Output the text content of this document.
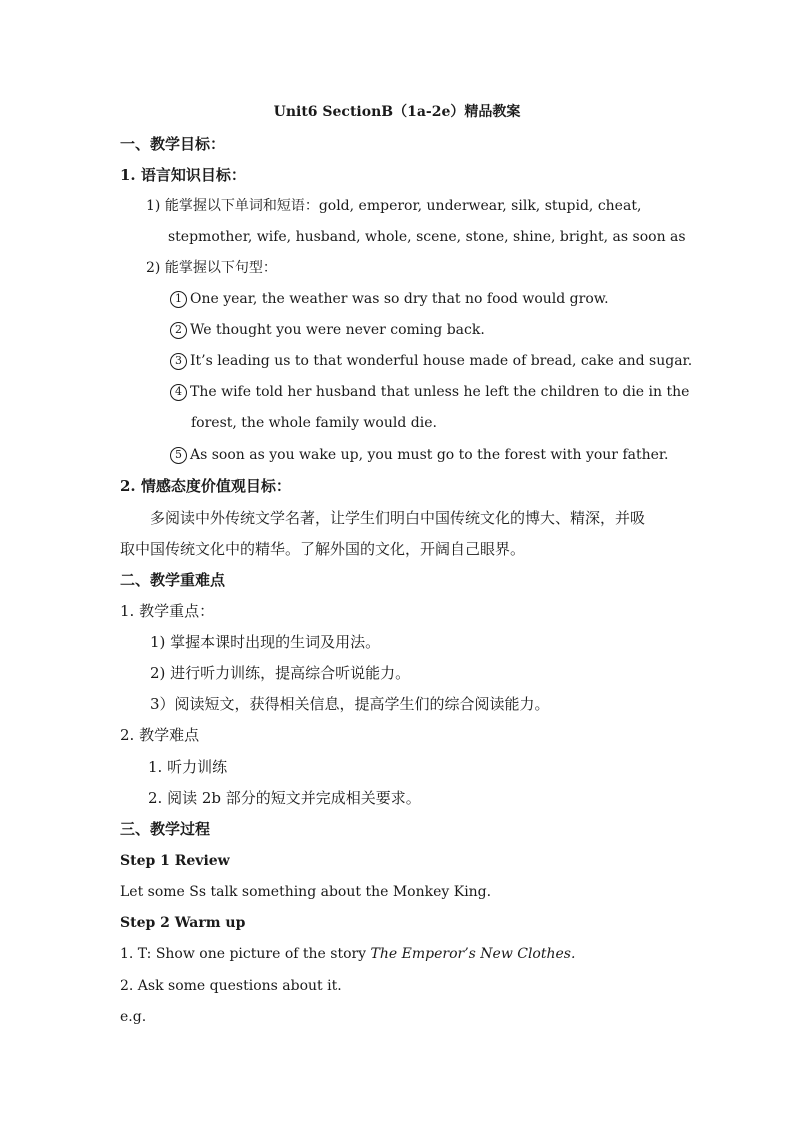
Unit6 SectionB（1a-2e）精品教案
一、教学目标：
1. 语言知识目标：
1) 能掌握以下单词和短语：gold, emperor, underwear, silk, stupid, cheat,
stepmother, wife, husband, whole, scene, stone, shine, bright, as soon as
2) 能掌握以下句型：
1 One year, the weather was so dry that no food would grow.
2 We thought you were never coming back.
3 It’s leading us to that wonderful house made of bread, cake and sugar.
4 The wife told her husband that unless he left the children to die in the
forest, the whole family would die.
5 As soon as you wake up, you must go to the forest with your father.
2. 情感态度价值观目标：
多阅读中外传统文学名著，让学生们明白中国传统文化的博大、精深，并吸
取中国传统文化中的精华。了解外国的文化，开阔自己眼界。
二、教学重难点
1. 教学重点：
1) 掌握本课时出现的生词及用法。
2) 进行听力训练，提高综合听说能力。
3）阅读短文，获得相关信息，提高学生们的综合阅读能力。
2. 教学难点
1. 听力训练
2. 阅读 2b 部分的短文并完成相关要求。
三、教学过程
Step 1 Review
Let some Ss talk something about the Monkey King.
Step 2 Warm up
1. T: Show one picture of the story The Emperor’s New Clothes.
2. Ask some questions about it.
e.g.
